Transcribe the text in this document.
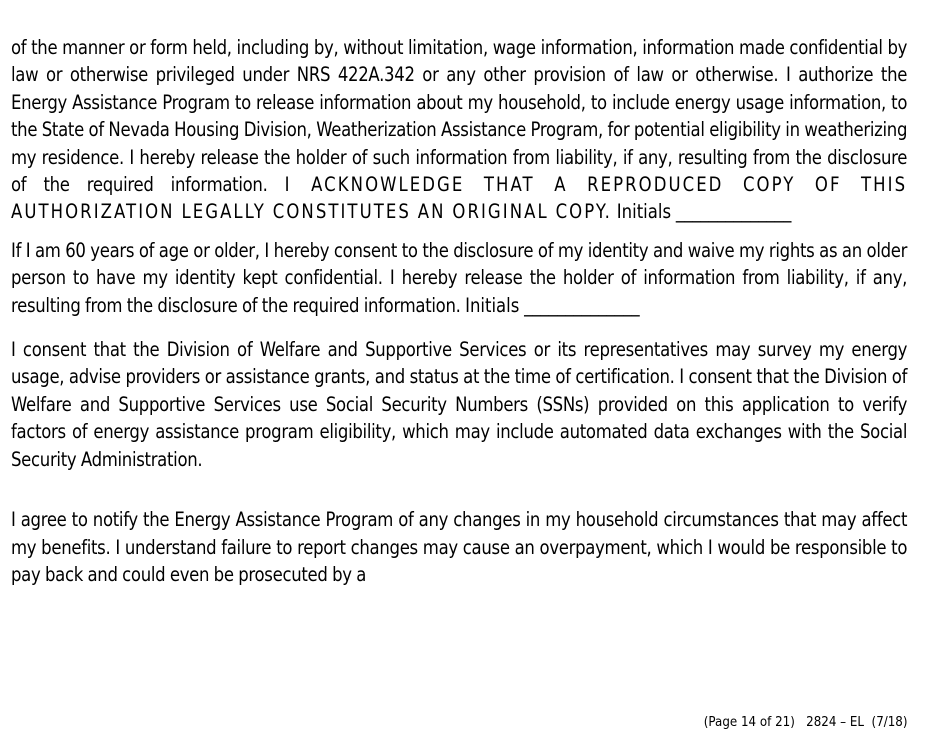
of the manner or form held, including by, without limitation, wage information, information made confidential by law or otherwise privileged under NRS 422A.342 or any other provision of law or otherwise. I authorize the Energy Assistance Program to release information about my household, to include energy usage information, to the State of Nevada Housing Division, Weatherization Assistance Program, for potential eligibility in weatherizing my residence. I hereby release the holder of such information from liability, if any, resulting from the disclosure of the required information. I ACKNOWLEDGE THAT A REPRODUCED COPY OF THIS AUTHORIZATION LEGALLY CONSTITUTES AN ORIGINAL COPY. Initials ______________

If I am 60 years of age or older, I hereby consent to the disclosure of my identity and waive my rights as an older person to have my identity kept confidential. I hereby release the holder of information from liability, if any, resulting from the disclosure of the required information. Initials ______________

I consent that the Division of Welfare and Supportive Services or its representatives may survey my energy usage, advise providers or assistance grants, and status at the time of certification. I consent that the Division of Welfare and Supportive Services use Social Security Numbers (SSNs) provided on this application to verify factors of energy assistance program eligibility, which may include automated data exchanges with the Social Security Administration.

I agree to notify the Energy Assistance Program of any changes in my household circumstances that may affect my benefits. I understand failure to report changes may cause an overpayment, which I would be responsible to pay back and could even be prosecuted by a

(Page 14 of 21)   2824 – EL  (7/18)
